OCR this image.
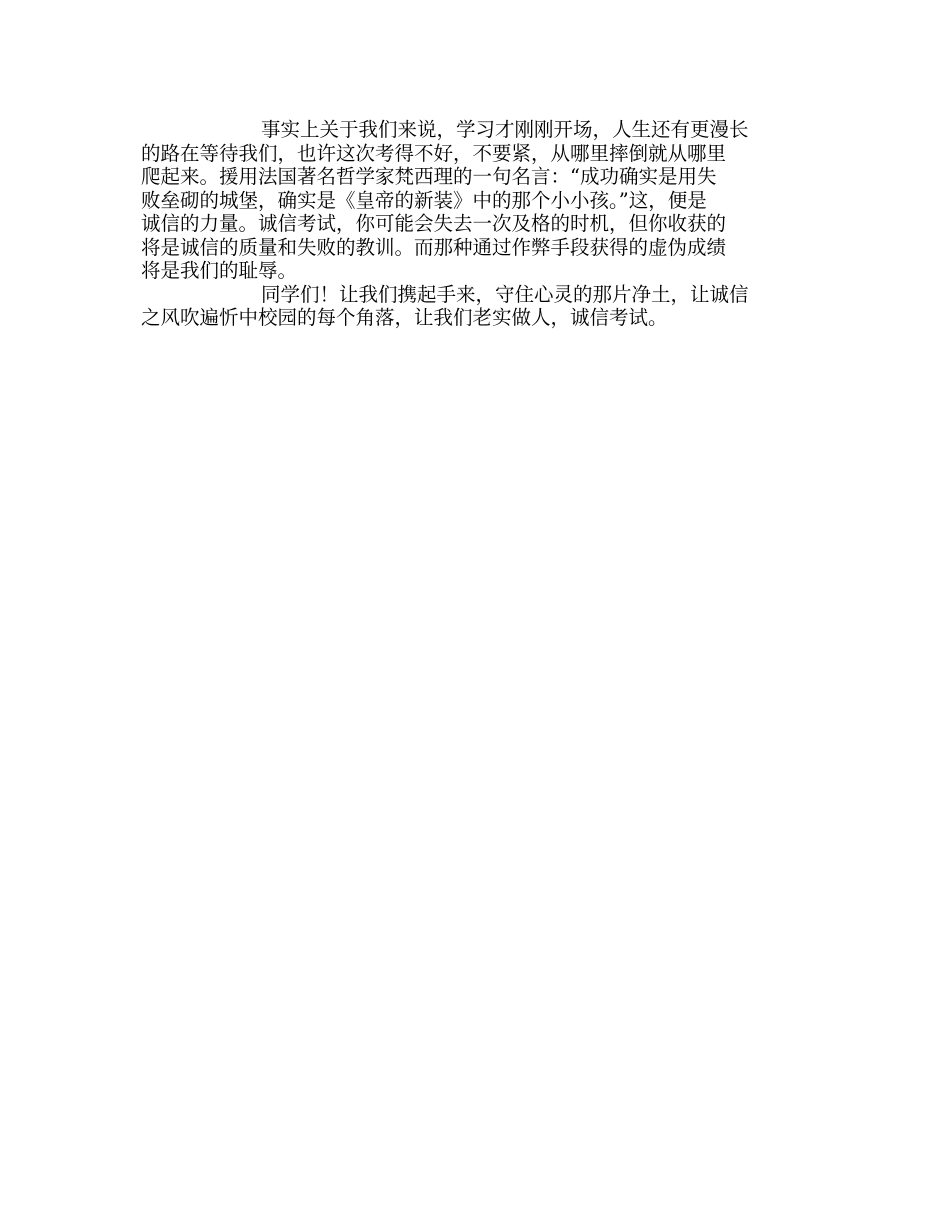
事实上关于我们来说，学习才刚刚开场，人生还有更漫长
的路在等待我们，也许这次考得不好，不要紧，从哪里摔倒就从哪里
爬起来。援用法国著名哲学家梵西理的一句名言：“成功确实是用失
败垒砌的城堡，确实是《皇帝的新装》中的那个小小孩。”这，便是
诚信的力量。诚信考试，你可能会失去一次及格的时机，但你收获的
将是诚信的质量和失败的教训。而那种通过作弊手段获得的虚伪成绩
将是我们的耻辱。

同学们！让我们携起手来，守住心灵的那片净土，让诚信
之风吹遍忻中校园的每个角落，让我们老实做人，诚信考试。
